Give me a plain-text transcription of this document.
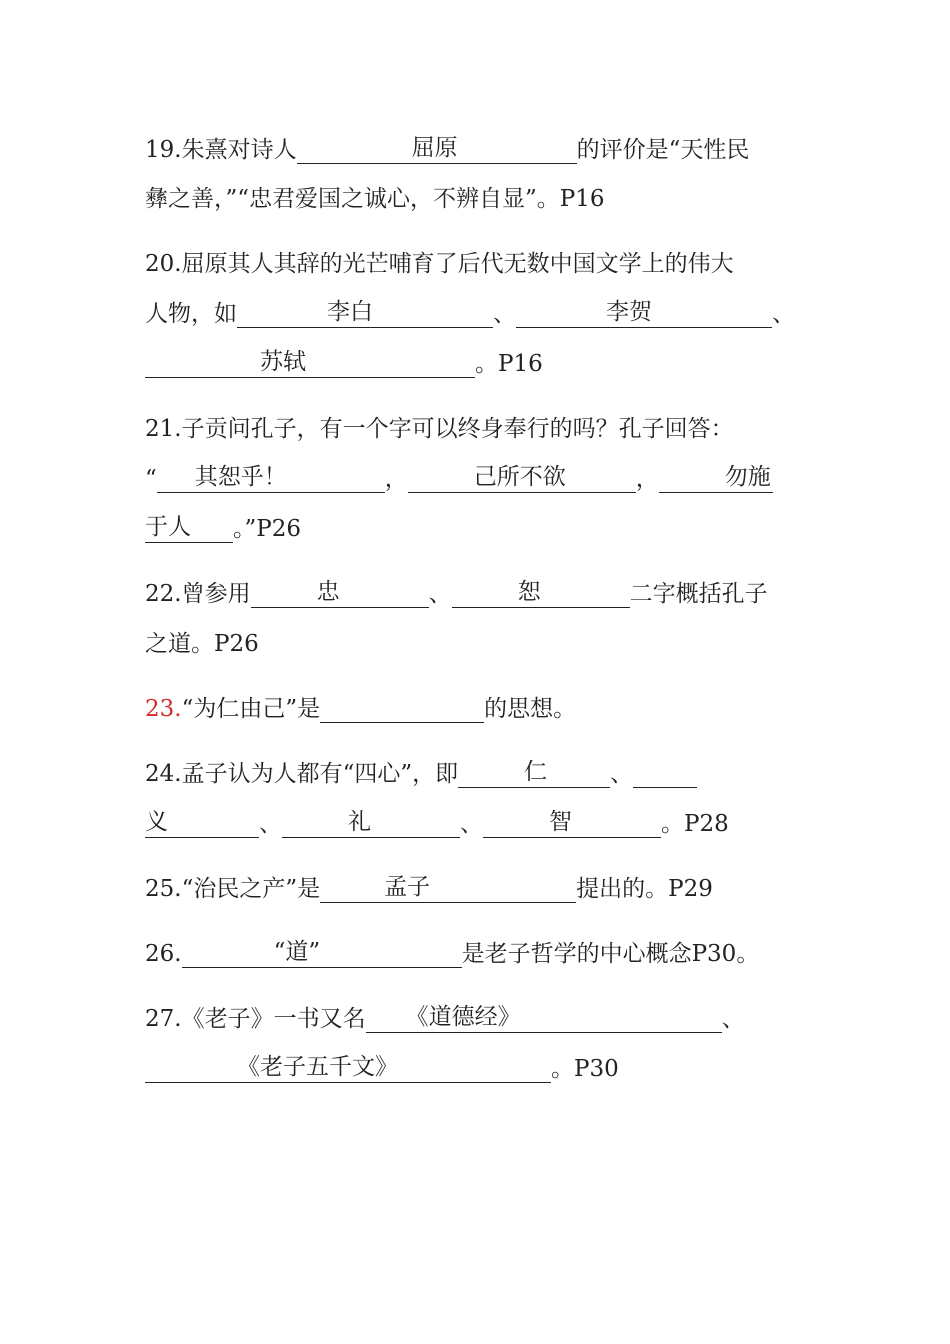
19.朱熹对诗人	屈原	的评价是“天性民
彝之善，”“忠君爱国之诚心，不辨自显”。P16
20.屈原其人其辞的光芒哺育了后代无数中国文学上的伟大
人物，如	李白	、	李贺	、
苏轼	。P16
21.子贡问孔子，有一个字可以终身奉行的吗？孔子回答：
“ 其恕乎！	，	己所不欲	，	勿施
于人 。”P26
22.曾参用	忠	、	恕	二字概括孔子
之道。P26
23.“为仁由己”是	的思想。
24.孟子认为人都有“四心”，即	仁	、
义	、	礼	、	智	。P28
25.“治民之产”是	孟子	提出的。P29
26.	“道”	是老子哲学的中心概念P30。
27.《老子》一书又名 《道德经》	、
《老子五千文》	。P30
